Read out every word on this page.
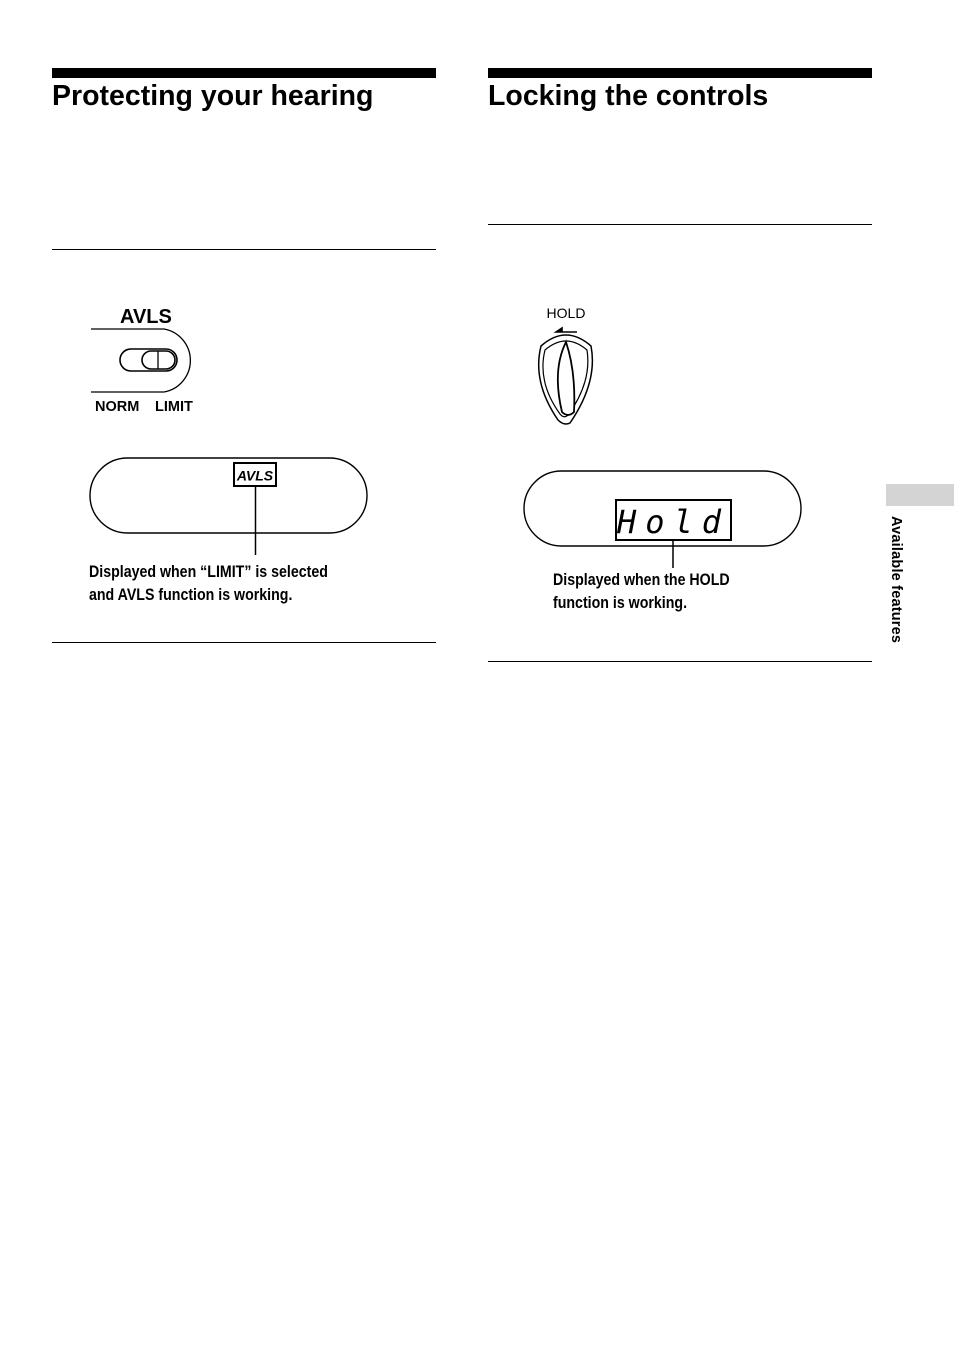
Protecting your hearing
AVLS
NORM LIMIT
AVLS

Displayed when “LIMIT” is selected
and AVLS function is working.

Locking the controls
HOLD
Hold

Displayed when the HOLD
function is working.	Available features
